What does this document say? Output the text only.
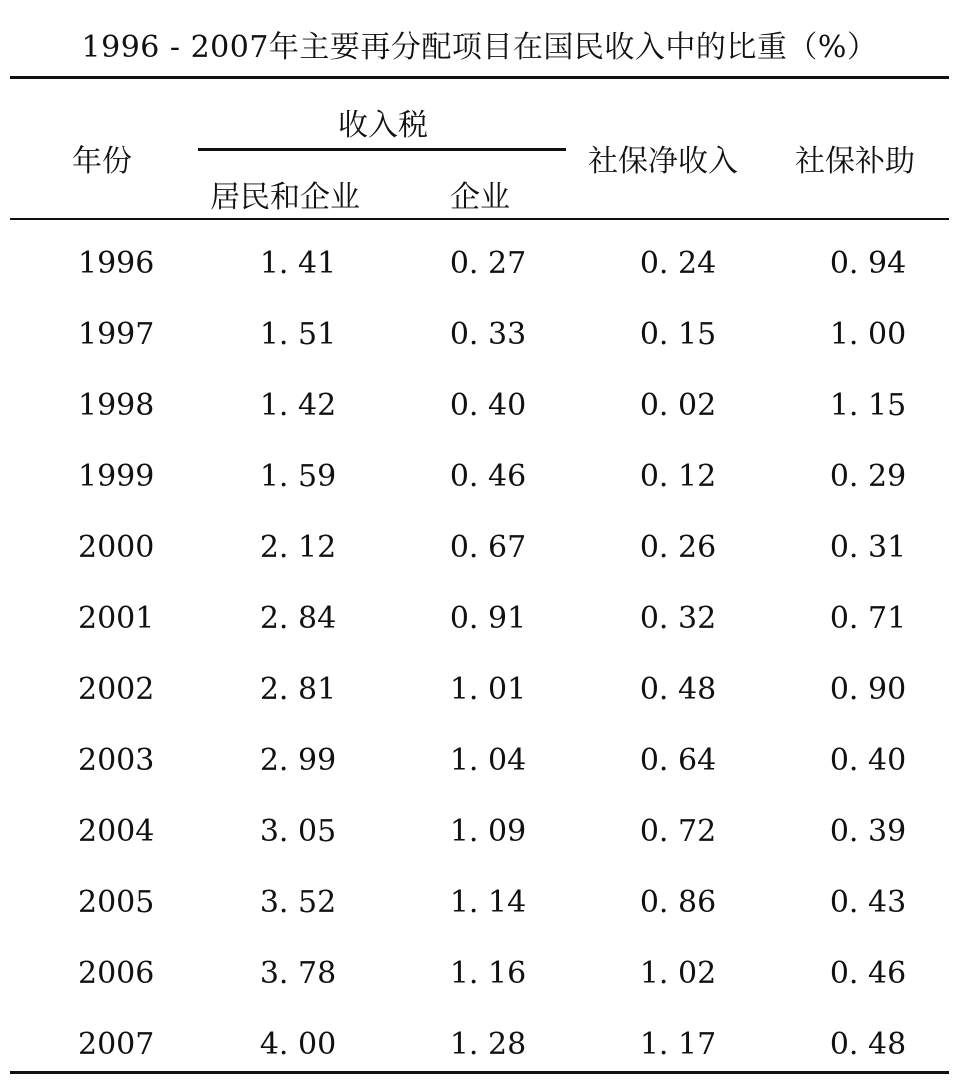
1996 - 2007年主要再分配项目在国民收入中的比重（%）
年份
收入税
居民和企业	企业
社保净收入 社保补助
1996	1. 41	0. 27	0. 24	0. 94
1997	1. 51	0. 33	0. 15	1. 00
1998	1. 42	0. 40	0. 02	1. 15
1999	1. 59	0. 46	0. 12	0. 29
2000	2. 12	0. 67	0. 26	0. 31
2001	2. 84	0. 91	0. 32	0. 71
2002	2. 81	1. 01	0. 48	0. 90
2003	2. 99	1. 04	0. 64	0. 40
2004	3. 05	1. 09	0. 72	0. 39
2005	3. 52	1. 14	0. 86	0. 43
2006	3. 78	1. 16	1. 02	0. 46
2007	4. 00	1. 28	1. 17	0. 48
